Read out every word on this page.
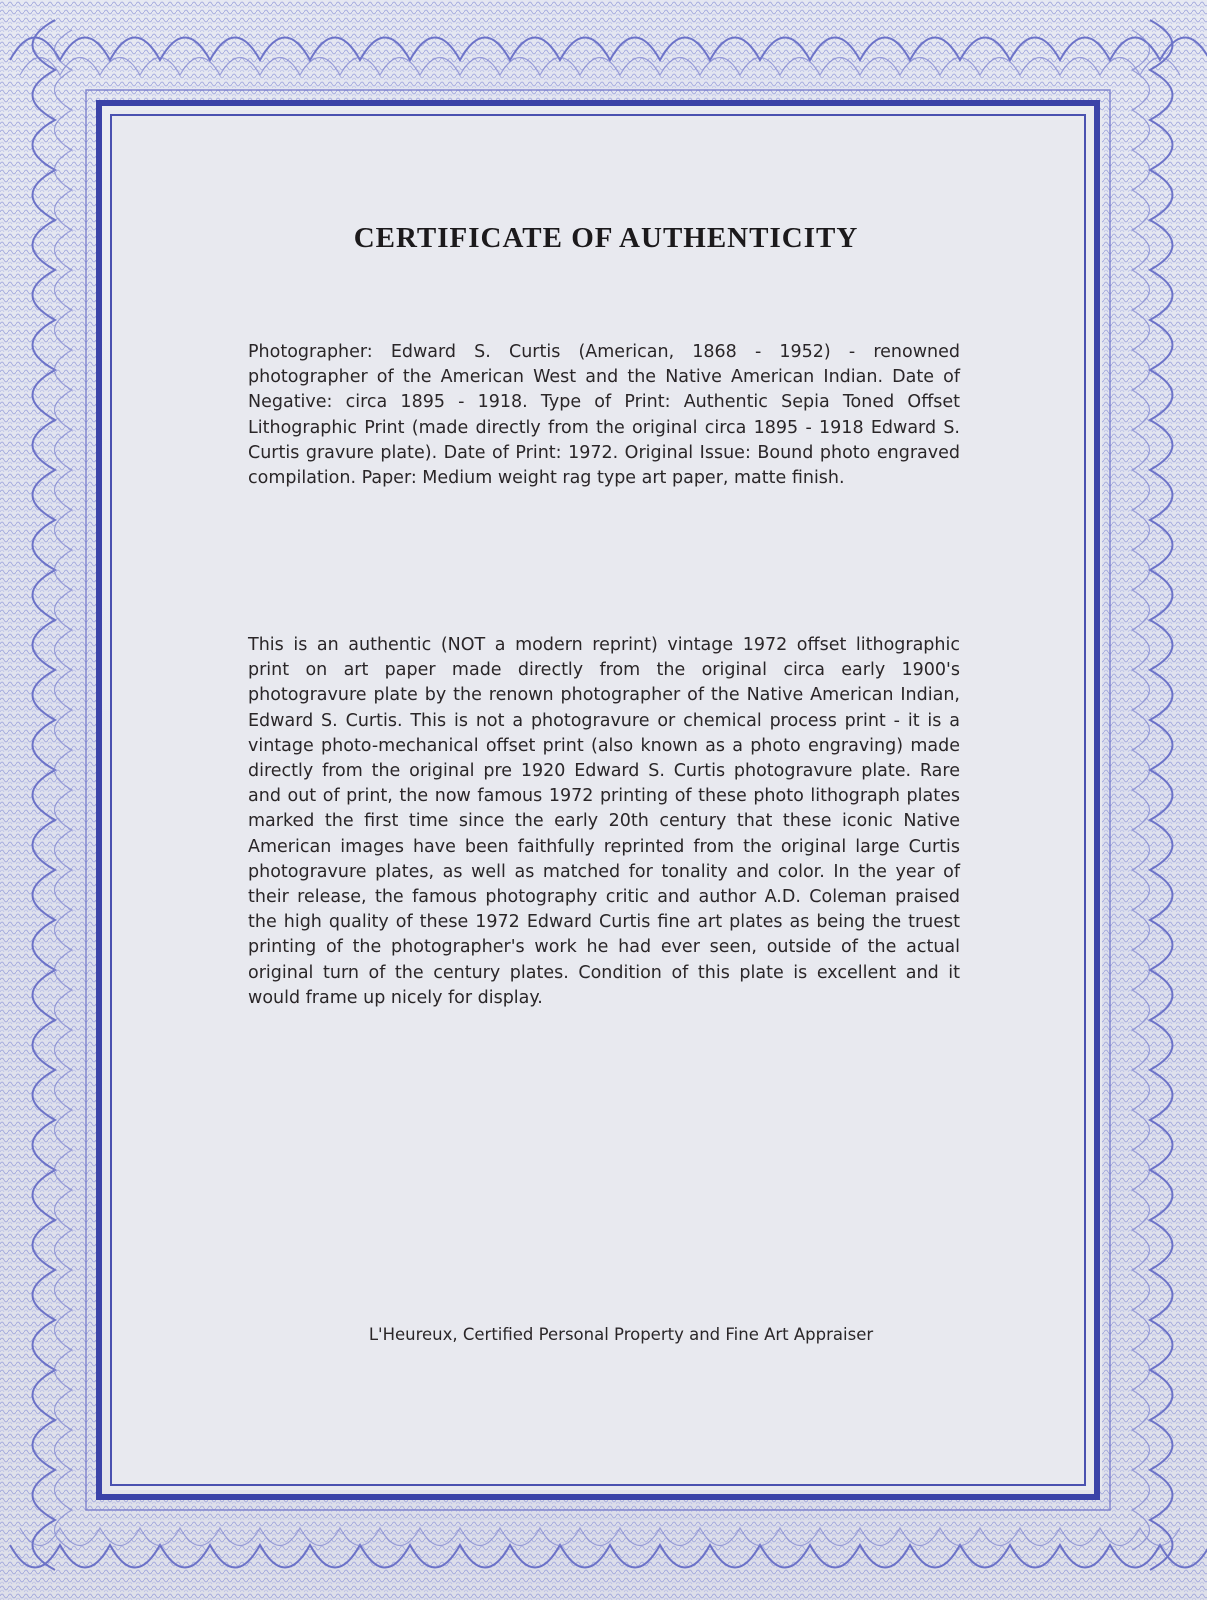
CERTIFICATE OF AUTHENTICITY

Photographer: Edward S. Curtis (American, 1868 - 1952) - renowned photographer of the American West and the Native American Indian. Date of Negative: circa 1895 - 1918. Type of Print: Authentic Sepia Toned Offset Lithographic Print (made directly from the original circa 1895 - 1918 Edward S. Curtis gravure plate). Date of Print: 1972. Original Issue: Bound photo engraved compilation. Paper: Medium weight rag type art paper, matte finish.

This is an authentic (NOT a modern reprint) vintage 1972 offset lithographic print on art paper made directly from the original circa early 1900's photogravure plate by the renown photographer of the Native American Indian, Edward S. Curtis. This is not a photogravure or chemical process print - it is a vintage photo-mechanical offset print (also known as a photo engraving) made directly from the original pre 1920 Edward S. Curtis photogravure plate. Rare and out of print, the now famous 1972 printing of these photo lithograph plates marked the first time since the early 20th century that these iconic Native American images have been faithfully reprinted from the original large Curtis photogravure plates, as well as matched for tonality and color. In the year of their release, the famous photography critic and author A.D. Coleman praised the high quality of these 1972 Edward Curtis fine art plates as being the truest printing of the photographer's work he had ever seen, outside of the actual original turn of the century plates. Condition of this plate is excellent and it would frame up nicely for display.

L'Heureux, Certified Personal Property and Fine Art Appraiser
